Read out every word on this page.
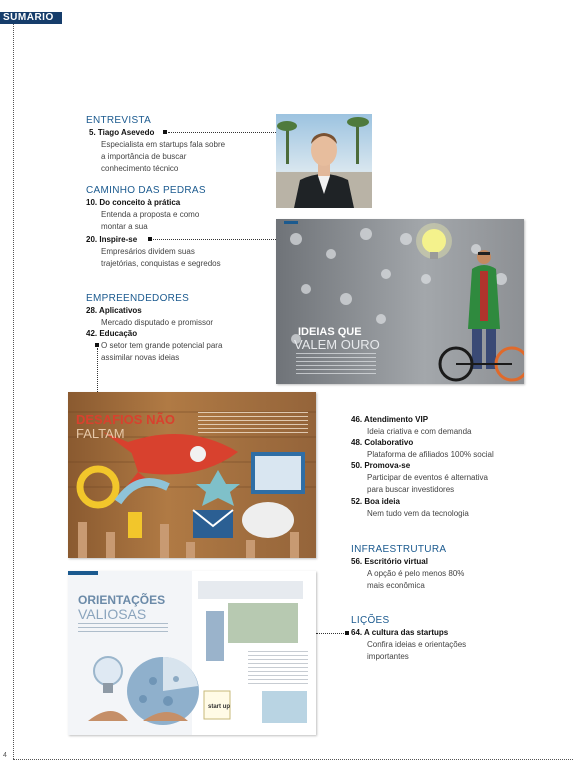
SUMÁRIO
4
ENTREVISTA
5. Tiago Asevedo
Especialista em startups fala sobre
a importância de buscar
conhecimento técnico
CAMINHO DAS PEDRAS
10. Do conceito à prática
Entenda a proposta e como
montar a sua
20. Inspire-se
Empresários dividem suas
trajetórias, conquistas e segredos
EMPREENDEDORES
28. Aplicativos
Mercado disputado e promissor
42. Educação
O setor tem grande potencial para
assimilar novas ideias
46. Atendimento VIP
Ideia criativa e com demanda
48. Colaborativo
Plataforma de afiliados 100% social
50. Promova-se
Participar de eventos é alternativa
para buscar investidores
52. Boa ideia
Nem tudo vem da tecnologia
INFRAESTRUTURA
56. Escritório virtual
A opção é pelo menos 80%
mais econômica
LIÇÕES
64. A cultura das startups
Confira ideias e orientações
importantes
IDEIAS QUE
VALEM OURO
DESAFIOS NÃO
FALTAM
ORIENTAÇÕES
VALIOSAS
start up
